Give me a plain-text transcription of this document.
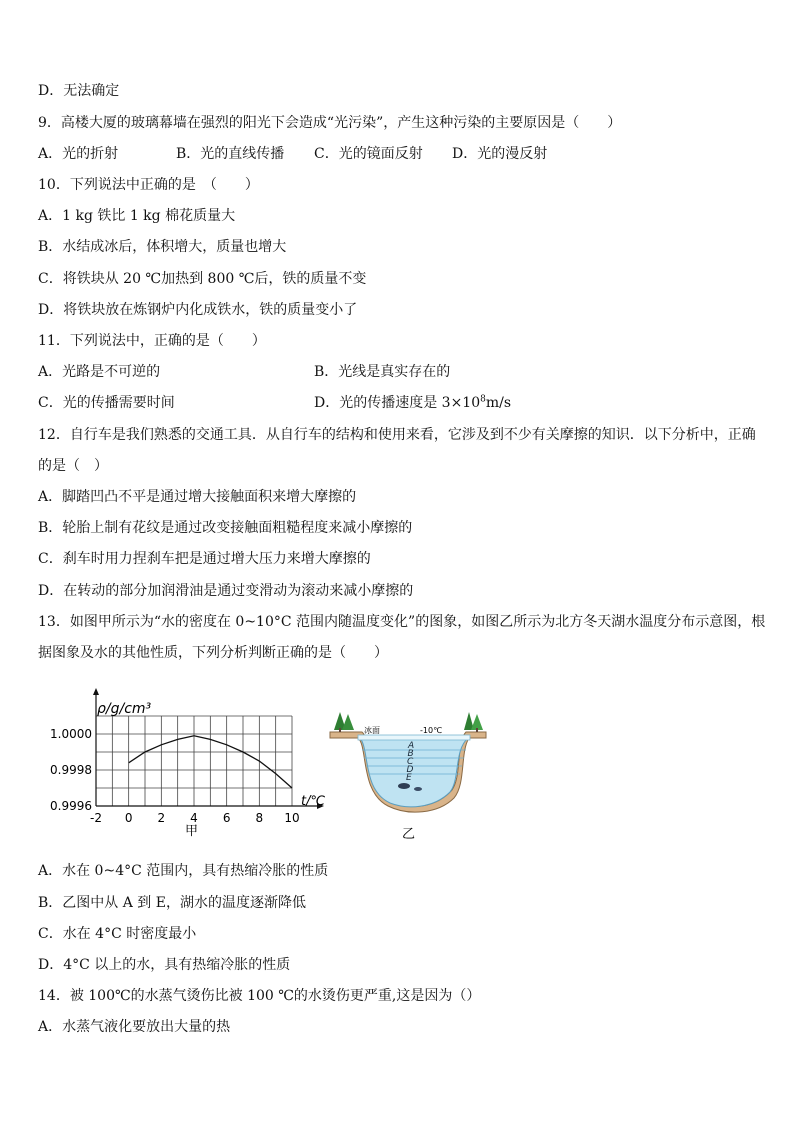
D．无法确定
9．高楼大厦的玻璃幕墙在强烈的阳光下会造成“光污染”，产生这种污染的主要原因是（　　）
A．光的折射	B．光的直线传播 C．光的镜面反射 D．光的漫反射
10．下列说法中正确的是　（　　）
A．1 kg 铁比 1 kg 棉花质量大
B．水结成冰后，体积增大，质量也增大
C．将铁块从 20 ℃加热到 800 ℃后，铁的质量不变
D．将铁块放在炼钢炉内化成铁水，铁的质量变小了
11．下列说法中，正确的是（　　）
A．光路是不可逆的	B．光线是真实存在的
C．光的传播需要时间	D．光的传播速度是 $3\times 10^8m/s$
12．自行车是我们熟悉的交通工具．从自行车的结构和使用来看，它涉及到不少有关摩擦的知识．以下分析中，正确
的是（　）
A．脚踏凹凸不平是通过增大接触面积来增大摩擦的
B．轮胎上制有花纹是通过改变接触面粗糙程度来减小摩擦的
C．刹车时用力捏刹车把是通过增大压力来增大摩擦的
D．在转动的部分加润滑油是通过变滑动为滚动来减小摩擦的
13．如图甲所示为“水的密度在 0~10°C 范围内随温度变化”的图象，如图乙所示为北方冬天湖水温度分布示意图，根
据图象及水的其他性质，下列分析判断正确的是（　　）
-2 0 2 4 6 8 10
0.9996
0.9998
1.0000
ρ/g/cm³
t/℃
甲
冰面	-10℃
A
B
C
D
E
乙
A．水在 0~4°C 范围内，具有热缩冷胀的性质
B．乙图中从 A 到 E，湖水的温度逐渐降低
C．水在 4°C 时密度最小
D．4°C 以上的水，具有热缩冷胀的性质
14．被 100℃的水蒸气烫伤比被 100 ℃的水烫伤更严重,这是因为（）
A．水蒸气液化要放出大量的热
